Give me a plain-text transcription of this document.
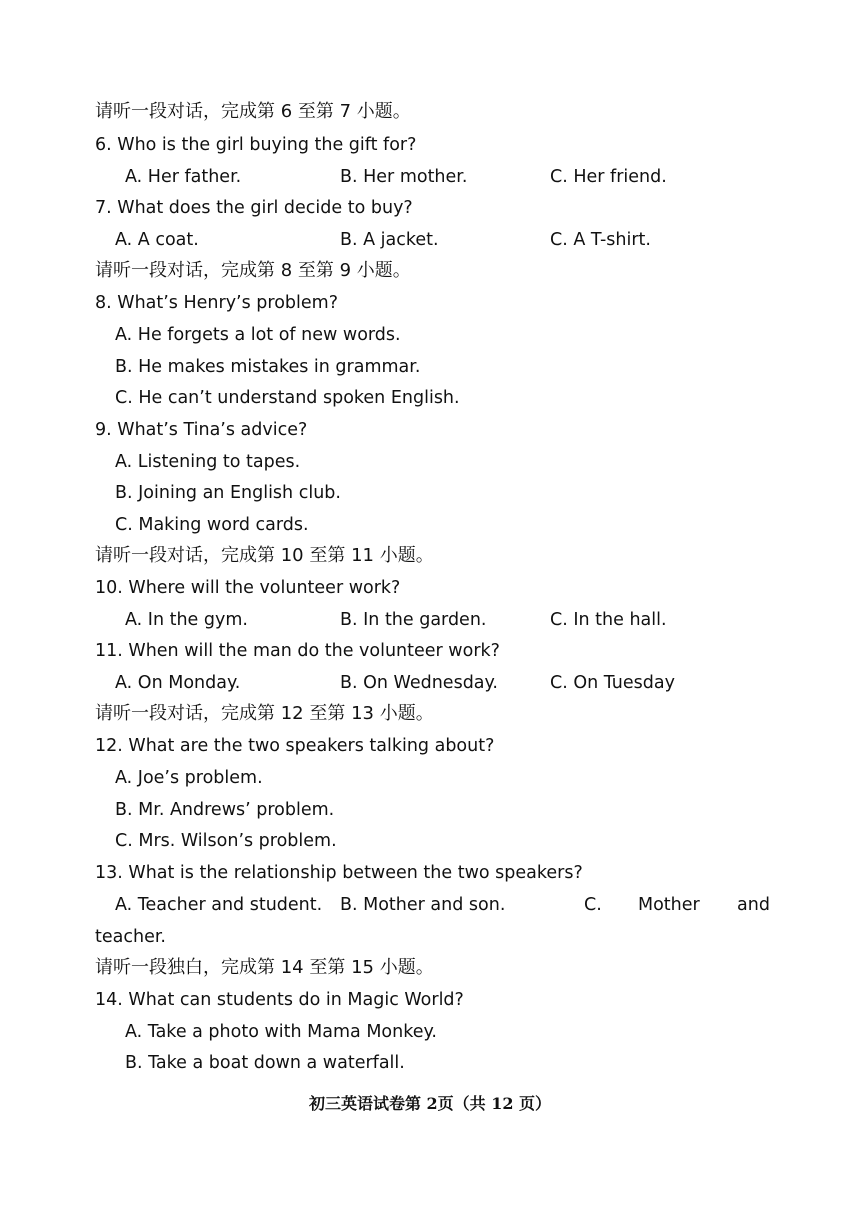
请听一段对话，完成第 6 至第 7 小题。
6. Who is the girl buying the gift for?
A. Her father.	B. Her mother.	C. Her friend.
7. What does the girl decide to buy?
A. A coat.	B. A jacket.	C. A T-shirt.
请听一段对话，完成第 8 至第 9 小题。
8. What’s Henry’s problem?
A. He forgets a lot of new words.
B. He makes mistakes in grammar.
C. He can’t understand spoken English.
9. What’s Tina’s advice?
A. Listening to tapes.
B. Joining an English club.
C. Making word cards.
请听一段对话，完成第 10 至第 11 小题。
10. Where will the volunteer work?
A. In the gym.	B. In the garden.	C. In the hall.
11. When will the man do the volunteer work?
A. On Monday.	B. On Wednesday.	C. On Tuesday
请听一段对话，完成第 12 至第 13 小题。
12. What are the two speakers talking about?
A. Joe’s problem.
B. Mr. Andrews’ problem.
C. Mrs. Wilson’s problem.
13. What is the relationship between the two speakers?
A. Teacher and student. B. Mother and son.	C. Mother and
teacher.
请听一段独白，完成第 14 至第 15 小题。
14. What can students do in Magic World?
A. Take a photo with Mama Monkey.
B. Take a boat down a waterfall.
初三英语试卷第 2页（共 12 页）
